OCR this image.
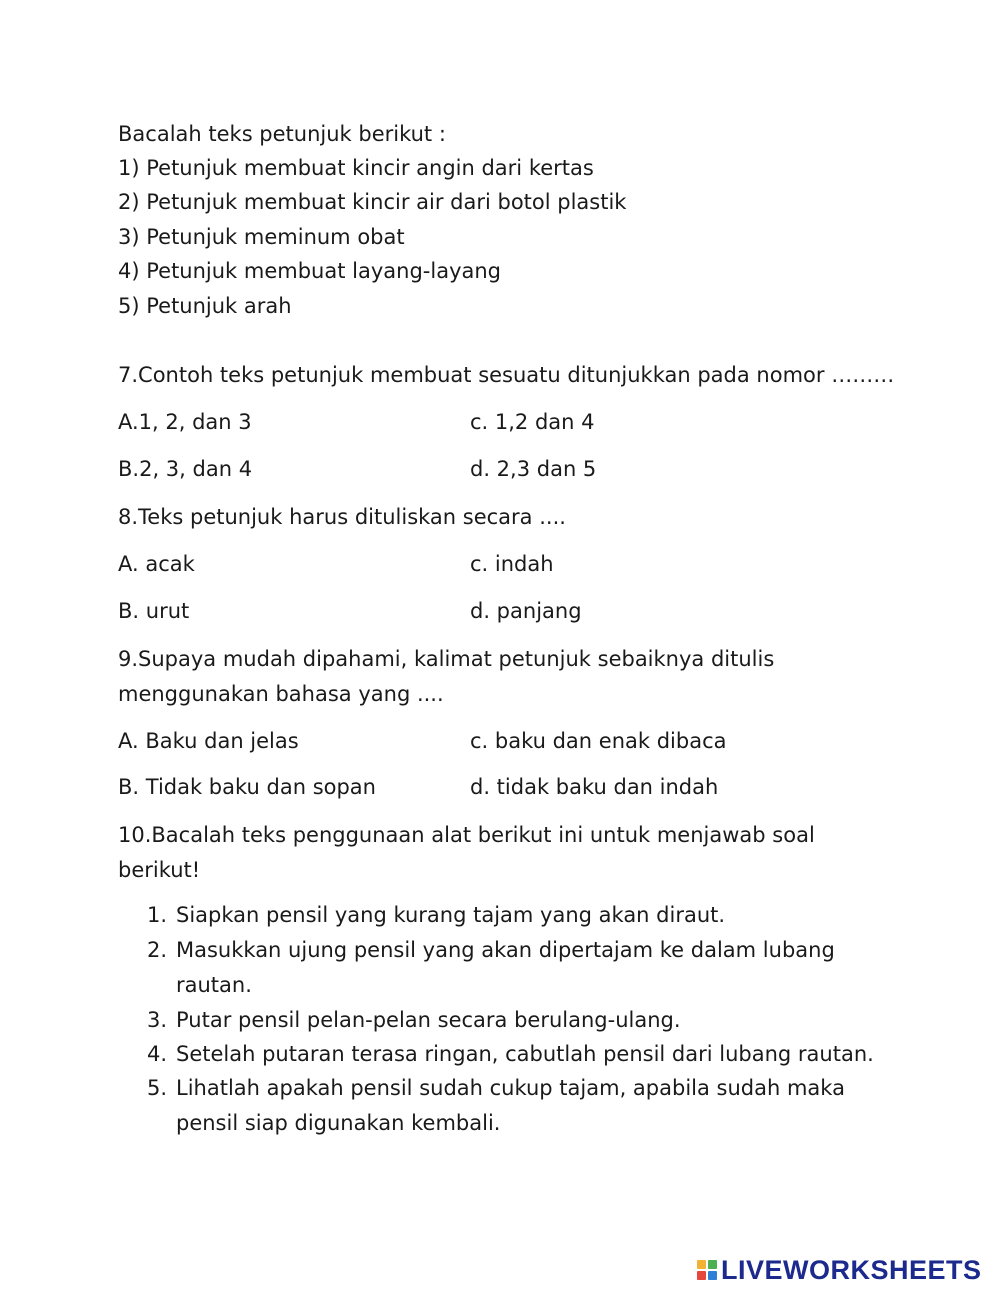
Bacalah teks petunjuk berikut :
1) Petunjuk membuat kincir angin dari kertas
2) Petunjuk membuat kincir air dari botol plastik
3) Petunjuk meminum obat
4) Petunjuk membuat layang-layang
5) Petunjuk arah
7.Contoh teks petunjuk membuat sesuatu ditunjukkan pada nomor ………
A.1, 2, dan 3	c. 1,2 dan 4
B.2, 3, dan 4	d. 2,3 dan 5
8.Teks petunjuk harus dituliskan secara ....
A. acak	c. indah
B. urut	d. panjang
9.Supaya mudah dipahami, kalimat petunjuk sebaiknya ditulis
menggunakan bahasa yang ....
A. Baku dan jelas	c. baku dan enak dibaca
B. Tidak baku dan sopan	d. tidak baku dan indah
10.Bacalah teks penggunaan alat berikut ini untuk menjawab soal
berikut!
1. Siapkan pensil yang kurang tajam yang akan diraut.
2. Masukkan ujung pensil yang akan dipertajam ke dalam lubang
rautan.
3. Putar pensil pelan-pelan secara berulang-ulang.
4. Setelah putaran terasa ringan, cabutlah pensil dari lubang rautan.
5. Lihatlah apakah pensil sudah cukup tajam, apabila sudah maka
pensil siap digunakan kembali.
LIVEWORKSHEETS
